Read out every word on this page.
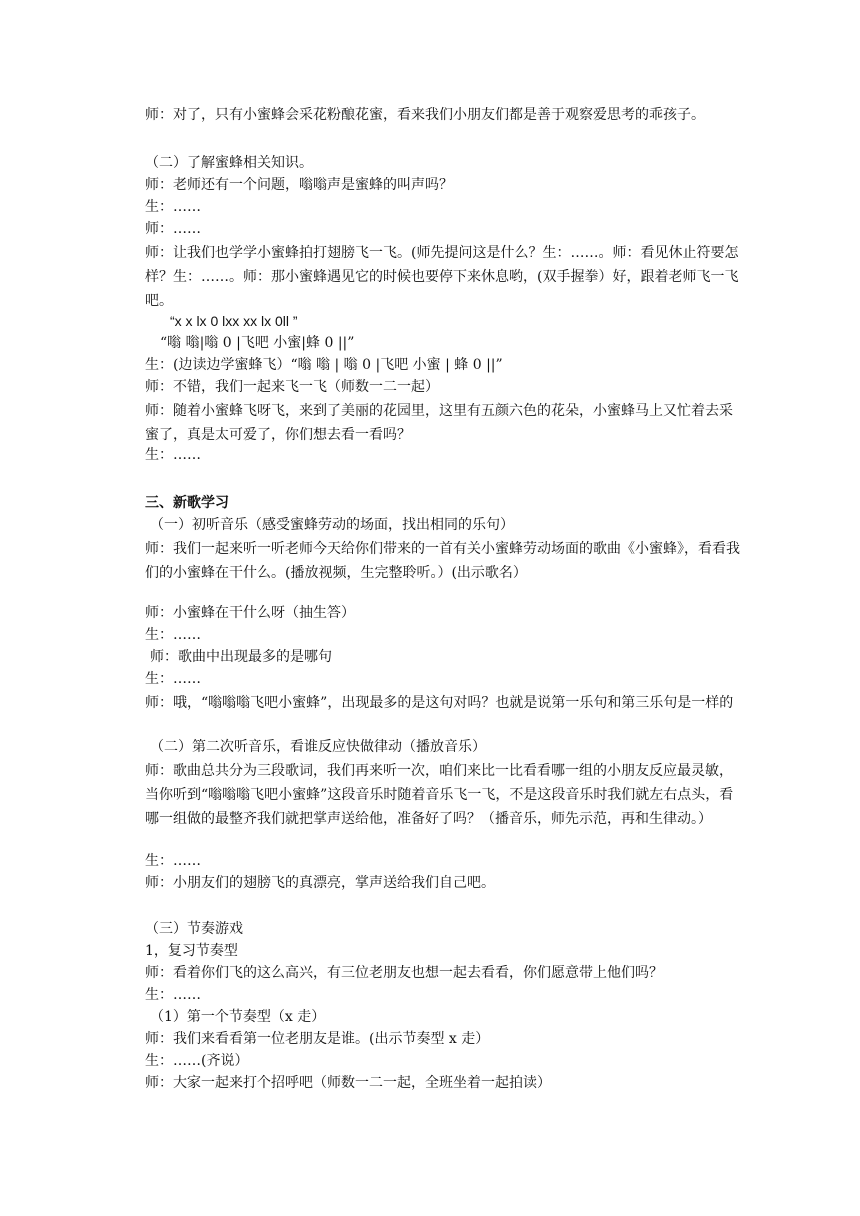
师：对了，只有小蜜蜂会采花粉酿花蜜，看来我们小朋友们都是善于观察爱思考的乖孩子。
（二）了解蜜蜂相关知识。
师：老师还有一个问题，嗡嗡声是蜜蜂的叫声吗？
生：……
师：……
师：让我们也学学小蜜蜂拍打翅膀飞一飞。(师先提问这是什么？生：……。师：看见休止符要怎样？生：……。师：那小蜜蜂遇见它的时候也要停下来休息哟，(双手握拳）好，跟着老师飞一飞吧。
“x x lx 0 lxx xx lx 0ll ”
“嗡 嗡|嗡 0 |飞吧 小蜜|蜂 0 ||”
生：(边读边学蜜蜂飞）“嗡 嗡 | 嗡 0 |飞吧 小蜜 | 蜂 0 ||”
师：不错，我们一起来飞一飞（师数一二一起）
师：随着小蜜蜂飞呀飞，来到了美丽的花园里，这里有五颜六色的花朵，小蜜蜂马上又忙着去采蜜了，真是太可爱了，你们想去看一看吗？
生：……
三、新歌学习
（一）初听音乐（感受蜜蜂劳动的场面，找出相同的乐句）
师：我们一起来听一听老师今天给你们带来的一首有关小蜜蜂劳动场面的歌曲《小蜜蜂》，看看我们的小蜜蜂在干什么。(播放视频，生完整聆听。）(出示歌名）
师：小蜜蜂在干什么呀（抽生答）
生：……
师：歌曲中出现最多的是哪句
生：……
师：哦，“嗡嗡嗡飞吧小蜜蜂”，出现最多的是这句对吗？也就是说第一乐句和第三乐句是一样的
（二）第二次听音乐，看谁反应快做律动（播放音乐）
师：歌曲总共分为三段歌词，我们再来听一次，咱们来比一比看看哪一组的小朋友反应最灵敏，当你听到“嗡嗡嗡飞吧小蜜蜂”这段音乐时随着音乐飞一飞，不是这段音乐时我们就左右点头，看哪一组做的最整齐我们就把掌声送给他，准备好了吗？（播音乐，师先示范，再和生律动。）
生：……
师：小朋友们的翅膀飞的真漂亮，掌声送给我们自己吧。
（三）节奏游戏
1，复习节奏型
师：看着你们飞的这么高兴，有三位老朋友也想一起去看看，你们愿意带上他们吗？
生：……
（1）第一个节奏型（x 走）
师：我们来看看第一位老朋友是谁。(出示节奏型 x 走）
生：……(齐说）
师：大家一起来打个招呼吧（师数一二一起，全班坐着一起拍读）
